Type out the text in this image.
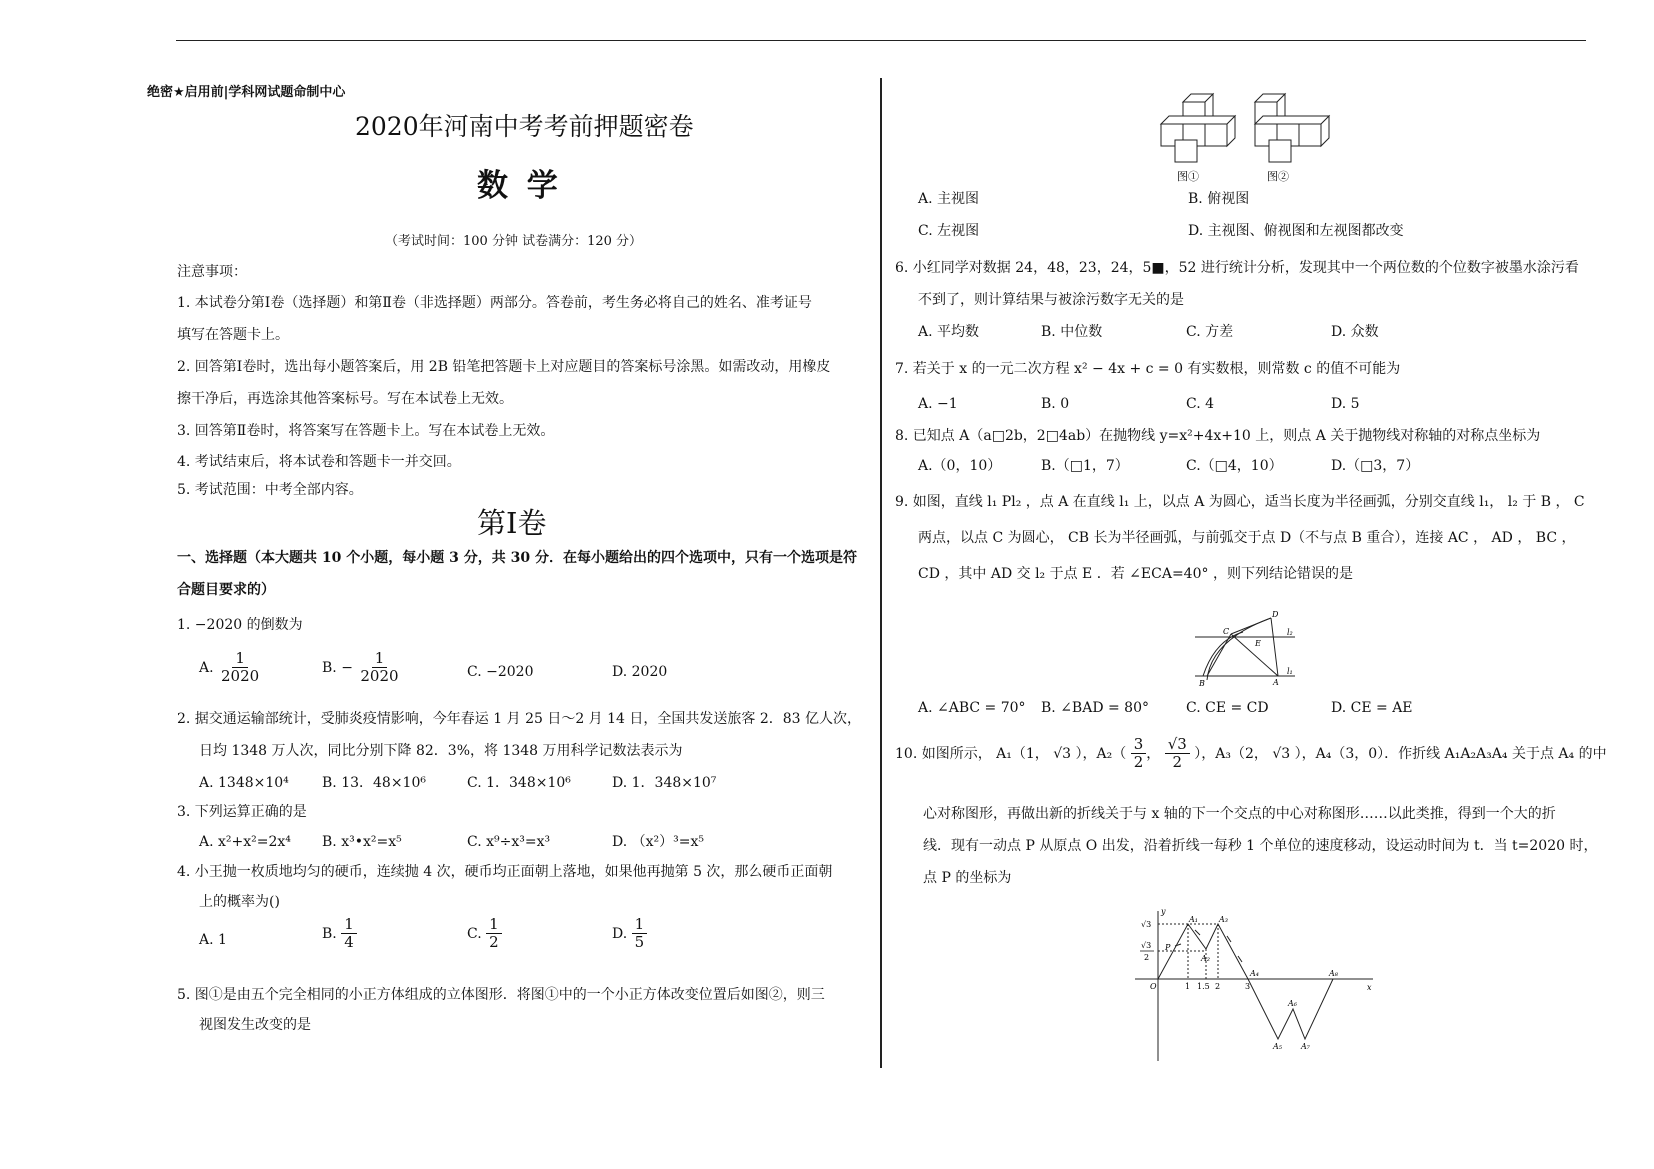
绝密★启用前|学科网试题命制中心
2020年河南中考考前押题密卷
数 学
（考试时间：100 分钟 试卷满分：120 分）
注意事项：
1. 本试卷分第Ⅰ卷（选择题）和第Ⅱ卷（非选择题）两部分。答卷前，考生务必将自己的姓名、准考证号
填写在答题卡上。
2. 回答第Ⅰ卷时，选出每小题答案后，用 2B 铅笔把答题卡上对应题目的答案标号涂黑。如需改动，用橡皮
擦干净后，再选涂其他答案标号。写在本试卷上无效。
3. 回答第Ⅱ卷时，将答案写在答题卡上。写在本试卷上无效。
4. 考试结束后，将本试卷和答题卡一并交回。
5. 考试范围：中考全部内容。
第Ⅰ卷
一、选择题（本大题共 10 个小题，每小题 3 分，共 30 分．在每小题给出的四个选项中，只有一个选项是符
合题目要求的）
1. −2020 的倒数为
A. $\frac{1}{2020}$	B. − $\frac{1}{2020}$	C. −2020	D. 2020
2. 据交通运输部统计，受肺炎疫情影响，今年春运 1 月 25 日～2 月 14 日，全国共发送旅客 2．83 亿人次，
日均 1348 万人次，同比分别下降 82．3%，将 1348 万用科学记数法表示为
A. 1348×10⁴ B. 13．48×10⁶	C. 1．348×10⁶	D. 1．348×10⁷
3. 下列运算正确的是
A. x²+x²=2x⁴ B. x³•x²=x⁵	C. x⁹÷x³=x³	D. （x²）³=x⁵
4. 小王抛一枚质地均匀的硬币，连续抛 4 次，硬币均正面朝上落地，如果他再抛第 5 次，那么硬币正面朝
上的概率为()
A. 1	B. $\frac{1}{4}$	C. $\frac{1}{2}$	D. $\frac{1}{5}$
5. 图①是由五个完全相同的小正方体组成的立体图形．将图①中的一个小正方体改变位置后如图②，则三
视图发生改变的是
图①	图②
A. 主视图	B. 俯视图
C. 左视图	D. 主视图、俯视图和左视图都改变
6. 小红同学对数据 24，48，23，24，5■，52 进行统计分析，发现其中一个两位数的个位数字被墨水涂污看
不到了，则计算结果与被涂污数字无关的是
A. 平均数	B. 中位数	C. 方差	D. 众数
7. 若关于 x 的一元二次方程 x² − 4x + c = 0 有实数根，则常数 c 的值不可能为
A. −1	B. 0	C. 4	D. 5
8. 已知点 A（a□2b，2□4ab）在抛物线 y=x²+4x+10 上，则点 A 关于抛物线对称轴的对称点坐标为
A.（0，10）	B.（□1，7）	C.（□4，10）	D.（□3，7）
9. 如图，直线 l₁ Pl₂ ，点 A 在直线 l₁ 上，以点 A 为圆心，适当长度为半径画弧，分别交直线 l₁， l₂ 于 B ， C
两点，以点 C 为圆心， CB 长为半径画弧，与前弧交于点 D（不与点 B 重合），连接 AC ， AD ， BC ，
CD ，其中 AD 交 l₂ 于点 E ．若 ∠ECA=40° ，则下列结论错误的是
D
C
E
B	A
l₂
l₁
A. ∠ABC = 70° B. ∠BAD = 80°	C. CE = CD	D. CE = AE
10. 如图所示， A₁（1， √3 ），$A_2( \frac{3}{2}$ ， $\frac{√3}{2}$ ），A₃（2， √3 ），A₄（3，0）．作折线 A₁A₂A₃A₄ 关于点 A₄ 的中
心对称图形，再做出新的折线关于与 x 轴的下一个交点的中心对称图形……以此类推，得到一个大的折
线．现有一动点 P 从原点 O 出发，沿着折线一每秒 1 个单位的速度移动，设运动时间为 t．当 t=2020 时，
点 P 的坐标为
y
x
O
√3
√3
2
1 1.5 2	3
A₁
A₂
A₃
A₄
A₅
A₆
A₇
A₈
P
